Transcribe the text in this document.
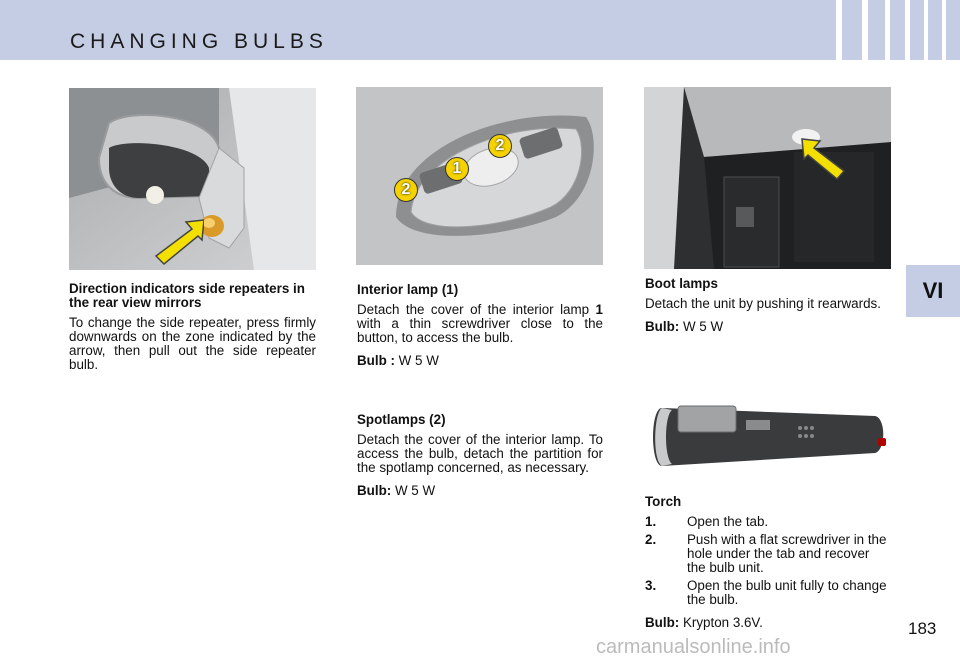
CHANGING BULBS
VI
2
1
2
Direction indicators side repeaters in the rear view mirrors

To change the side repeater, press firmly downwards on the zone indicated by the arrow, then pull out the side repeater bulb.

Interior lamp (1)

Detach the cover of the interior lamp 1 with a thin screwdriver close to the button, to access the bulb.

Bulb : W 5 W

Spotlamps (2)

Detach the cover of the interior lamp. To access the bulb, detach the partition for the spotlamp concerned, as necessary.

Bulb: W 5 W

Boot lamps

Detach the unit by pushing it rearwards.

Bulb: W 5 W

Torch
1. Open the tab.
2. Push with a flat screwdriver in the hole under the tab and recover the bulb unit.
3. Open the bulb unit fully to change the bulb.

Bulb: Krypton 3.6V.	183
carmanualsonline.info
